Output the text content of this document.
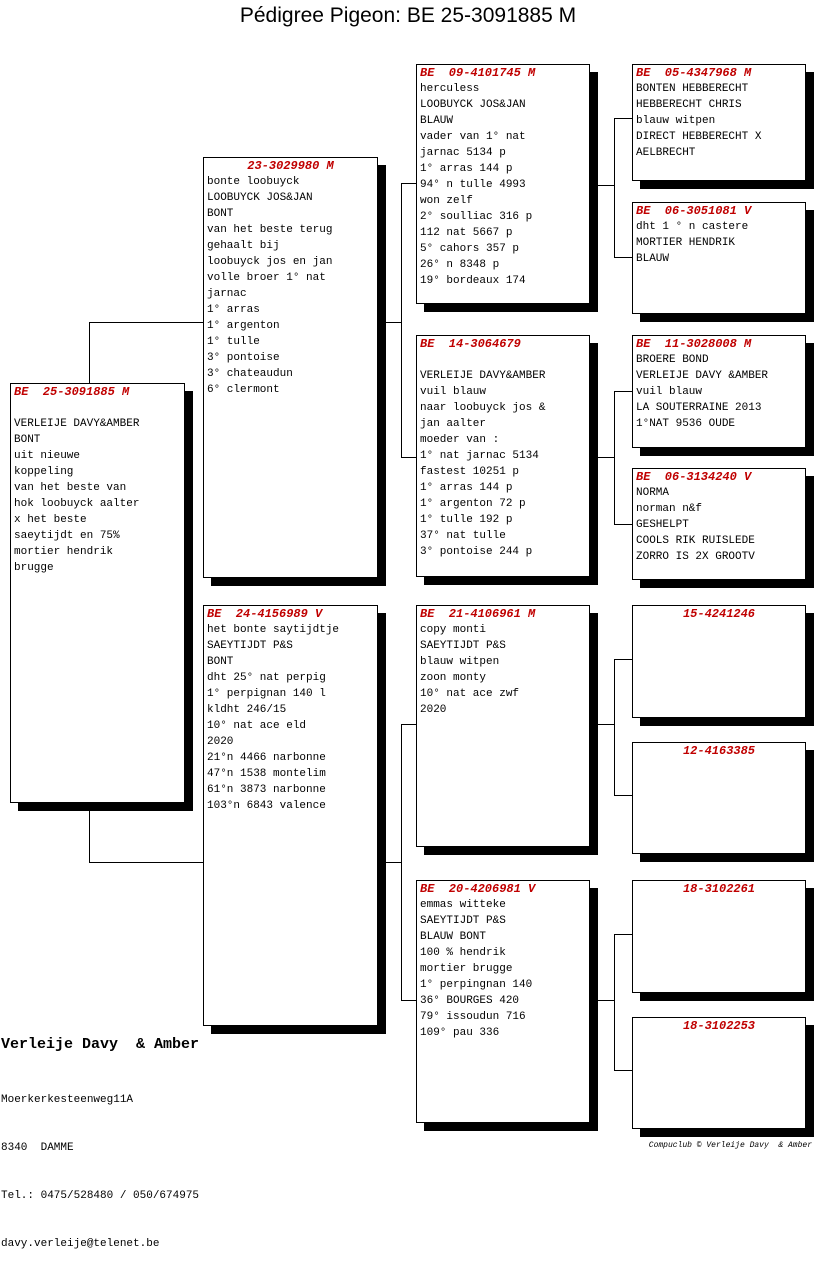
Pédigree Pigeon: BE 25-3091885 M
BE  25-3091885 M

VERLEIJE DAVY&AMBER
BONT
uit nieuwe
koppeling
van het beste van
hok loobuyck aalter
x het beste
saeytijdt en 75%
mortier hendrik
brugge
23-3029980 M
bonte loobuyck
LOOBUYCK JOS&JAN
BONT
van het beste terug
gehaalt bij
loobuyck jos en jan
volle broer 1° nat
jarnac
1° arras
1° argenton
1° tulle
3° pontoise
3° chateaudun
6° clermont
BE  24-4156989 V
het bonte saytijdtje
SAEYTIJDT P&S
BONT
dht 25° nat perpig
1° perpignan 140 l
kldht 246/15
10° nat ace eld
2020
21°n 4466 narbonne
47°n 1538 montelim
61°n 3873 narbonne
103°n 6843 valence
BE  09-4101745 M
herculess
LOOBUYCK JOS&JAN
BLAUW
vader van 1° nat
jarnac 5134 p
1° arras 144 p
94° n tulle 4993
won zelf
2° soulliac 316 p
112 nat 5667 p
5° cahors 357 p
26° n 8348 p
19° bordeaux 174
BE  14-3064679

VERLEIJE DAVY&AMBER
vuil blauw
naar loobuyck jos &
jan aalter
moeder van :
1° nat jarnac 5134
fastest 10251 p
1° arras 144 p
1° argenton 72 p
1° tulle 192 p
37° nat tulle
3° pontoise 244 p
BE  21-4106961 M
copy monti
SAEYTIJDT P&S
blauw witpen
zoon monty
10° nat ace zwf
2020
BE  20-4206981 V
emmas witteke
SAEYTIJDT P&S
BLAUW BONT
100 % hendrik
mortier brugge
1° perpingnan 140
36° BOURGES 420
79° issoudun 716
109° pau 336
BE  05-4347968 M
BONTEN HEBBERECHT
HEBBERECHT CHRIS
blauw witpen
DIRECT HEBBERECHT X
AELBRECHT
BE  06-3051081 V
dht 1 ° n castere
MORTIER HENDRIK
BLAUW
BE  11-3028008 M
BROERE BOND
VERLEIJE DAVY &AMBER
vuil blauw
LA SOUTERRAINE 2013
1°NAT 9536 OUDE
BE  06-3134240 V
NORMA
norman n&f
GESHELPT
COOLS RIK RUISLEDE
ZORRO IS 2X GROOTV
15-4241246
12-4163385
18-3102261
18-3102253
Verleije Davy  & Amber

Moerkerkesteenweg11A

8340  DAMME

Tel.: 0475/528480 / 050/674975

davy.verleije@telenet.be

Compuclub © Verleije Davy  & Amber
